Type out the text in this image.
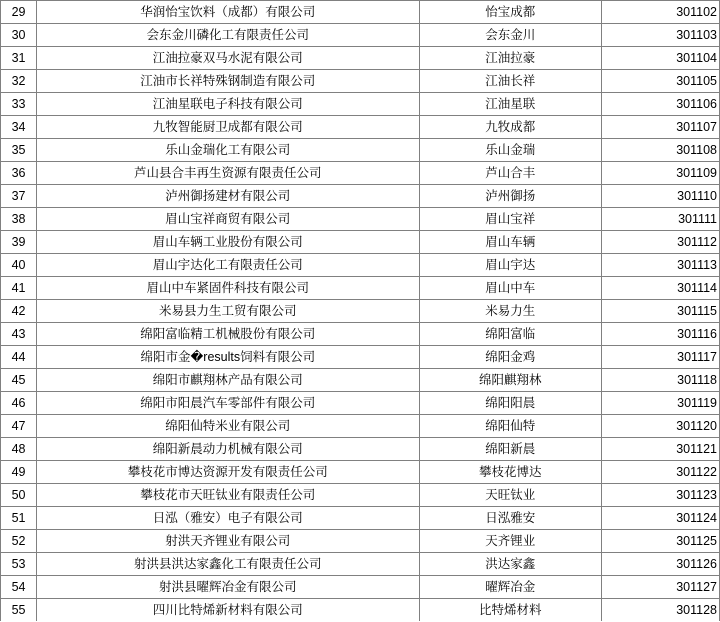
29	华润怡宝饮料（成都）有限公司	怡宝成都	301102
30	会东金川磷化工有限责任公司	会东金川	301103
31	江油拉豪双马水泥有限公司	江油拉豪	301104
32	江油市长祥特殊钢制造有限公司	江油长祥	301105
33	江油星联电子科技有限公司	江油星联	301106
34	九牧智能厨卫成都有限公司	九牧成都	301107
35	乐山金瑞化工有限公司	乐山金瑞	301108
36	芦山县合丰再生资源有限责任公司	芦山合丰	301109
37	泸州御扬建材有限公司	泸州御扬	301110
38	眉山宝祥商贸有限公司	眉山宝祥	301111
39	眉山车辆工业股份有限公司	眉山车辆	301112
40	眉山宇达化工有限责任公司	眉山宇达	301113
41	眉山中车紧固件科技有限公司	眉山中车	301114
42	米易县力生工贸有限公司	米易力生	301115
43	绵阳富临精工机械股份有限公司	绵阳富临	301116
44	绵阳市金�results饲料有限公司	绵阳金鸡	301117
45	绵阳市麒翔林产品有限公司	绵阳麒翔林	301118
46	绵阳市阳晨汽车零部件有限公司	绵阳阳晨	301119
47	绵阳仙特米业有限公司	绵阳仙特	301120
48	绵阳新晨动力机械有限公司	绵阳新晨	301121
49	攀枝花市博达资源开发有限责任公司	攀枝花博达	301122
50	攀枝花市天旺钛业有限责任公司	天旺钛业	301123
51	日泓（雅安）电子有限公司	日泓雅安	301124
52	射洪天齐锂业有限公司	天齐锂业	301125
53	射洪县洪达家鑫化工有限责任公司	洪达家鑫	301126
54	射洪县曜辉冶金有限公司	曜辉冶金	301127
55	四川比特烯新材料有限公司	比特烯材料	301128
